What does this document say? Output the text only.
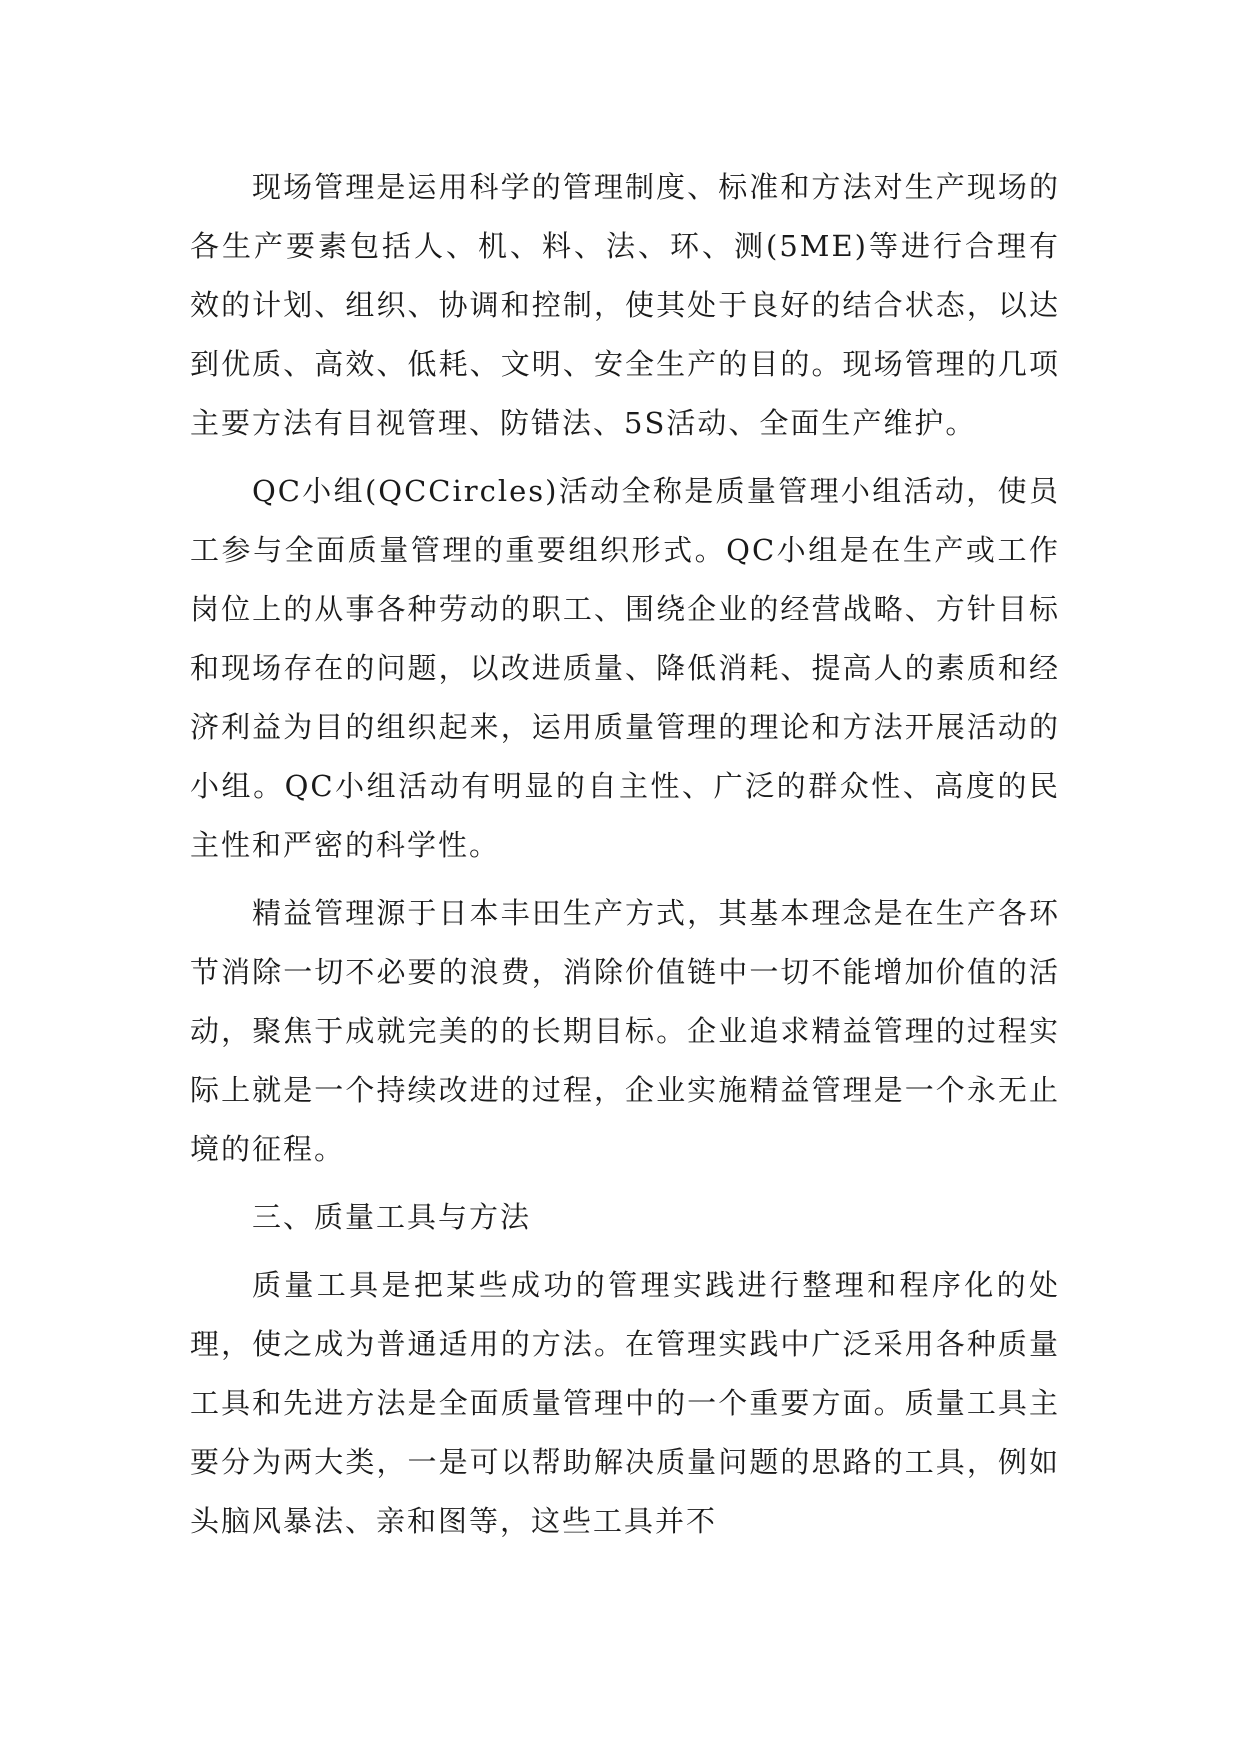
现场管理是运用科学的管理制度、标准和方法对生产现场的各生产要素包括人、机、料、法、环、测(5ME)等进行合理有效的计划、组织、协调和控制，使其处于良好的结合状态，以达到优质、高效、低耗、文明、安全生产的目的。现场管理的几项主要方法有目视管理、防错法、5S活动、全面生产维护。

QC小组(QCCircles)活动全称是质量管理小组活动，使员工参与全面质量管理的重要组织形式。QC小组是在生产或工作岗位上的从事各种劳动的职工、围绕企业的经营战略、方针目标和现场存在的问题，以改进质量、降低消耗、提高人的素质和经济利益为目的组织起来，运用质量管理的理论和方法开展活动的小组。QC小组活动有明显的自主性、广泛的群众性、高度的民主性和严密的科学性。

精益管理源于日本丰田生产方式，其基本理念是在生产各环节消除一切不必要的浪费，消除价值链中一切不能增加价值的活动，聚焦于成就完美的的长期目标。企业追求精益管理的过程实际上就是一个持续改进的过程，企业实施精益管理是一个永无止境的征程。

三、质量工具与方法

质量工具是把某些成功的管理实践进行整理和程序化的处理，使之成为普通适用的方法。在管理实践中广泛采用各种质量工具和先进方法是全面质量管理中的一个重要方面。质量工具主要分为两大类，一是可以帮助解决质量问题的思路的工具，例如头脑风暴法、亲和图等，这些工具并不
